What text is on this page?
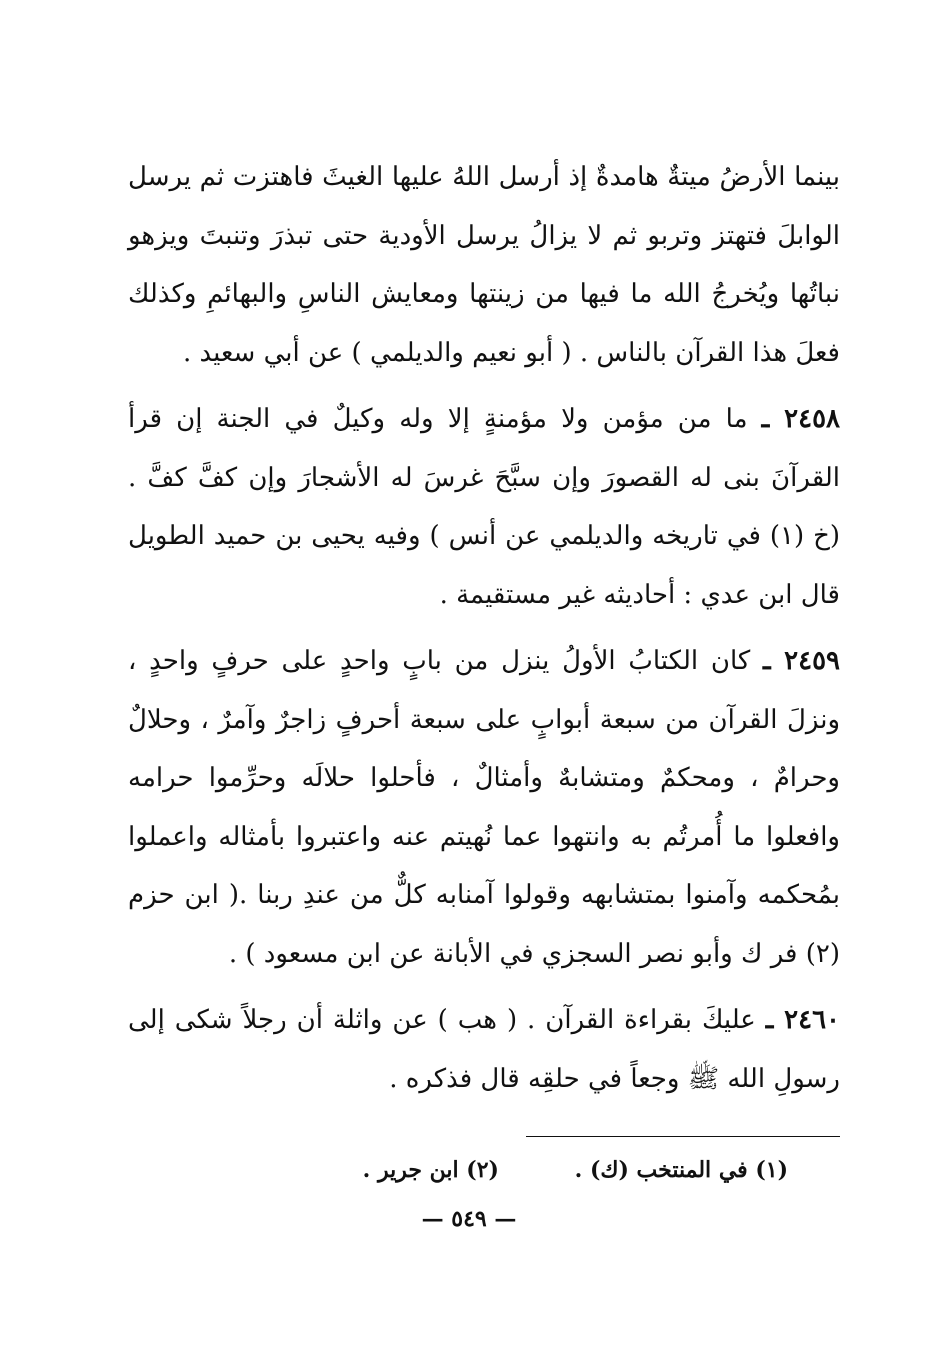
بينما الأرضُ ميتةٌ هامدةٌ إذ أرسل اللهُ عليها الغيثَ فاهتزت ثم يرسل الوابلَ فتهتز وتربو ثم لا يزالُ يرسل الأودية حتى تبذرَ وتنبتَ ويزهو نباتُها ويُخرجُ الله ما فيها من زينتها ومعايش الناسِ والبهائمِ وكذلك فعلَ هذا القرآن بالناس . ( أبو نعيم والديلمي ) عن أبي سعيد .

٢٤٥٨ ـ ما من مؤمن ولا مؤمنةٍ إلا وله وكيلٌ في الجنة إن قرأ القرآنَ بنى له القصورَ وإن سبَّحَ غرسَ له الأشجارَ وإن كفَّ كفَّ . (خ (١) في تاريخه والديلمي عن أنس ) وفيه يحيى بن حميد الطويل قال ابن عدي : أحاديثه غير مستقيمة .

٢٤٥٩ ـ كان الكتابُ الأولُ ينزل من بابٍ واحدٍ على حرفٍ واحدٍ ، ونزلَ القرآن من سبعة أبوابٍ على سبعة أحرفٍ زاجرٌ وآمرٌ ، وحلالٌ وحرامٌ ، ومحكمٌ ومتشابهٌ وأمثالٌ ، فأحلوا حلالَه وحرِّموا حرامه وافعلوا ما أُمرتُم به وانتهوا عما نُهيتم عنه واعتبروا بأمثاله واعملوا بمُحكمه وآمنوا بمتشابهه وقولوا آمنابه كلٌّ من عندِ ربنا .( ابن حزم (٢) فر ك وأبو نصر السجزي في الأبانة عن ابن مسعود ) .

٢٤٦٠ ـ عليكَ بقراءة القرآن . ( هب ) عن واثلة أن رجلاً شكى إلى رسولِ الله ﷺ وجعاً في حلقِه قال فذكره .

(١) في المنتخب (ك) . (٢) ابن جرير .
— ٥٤٩ —
